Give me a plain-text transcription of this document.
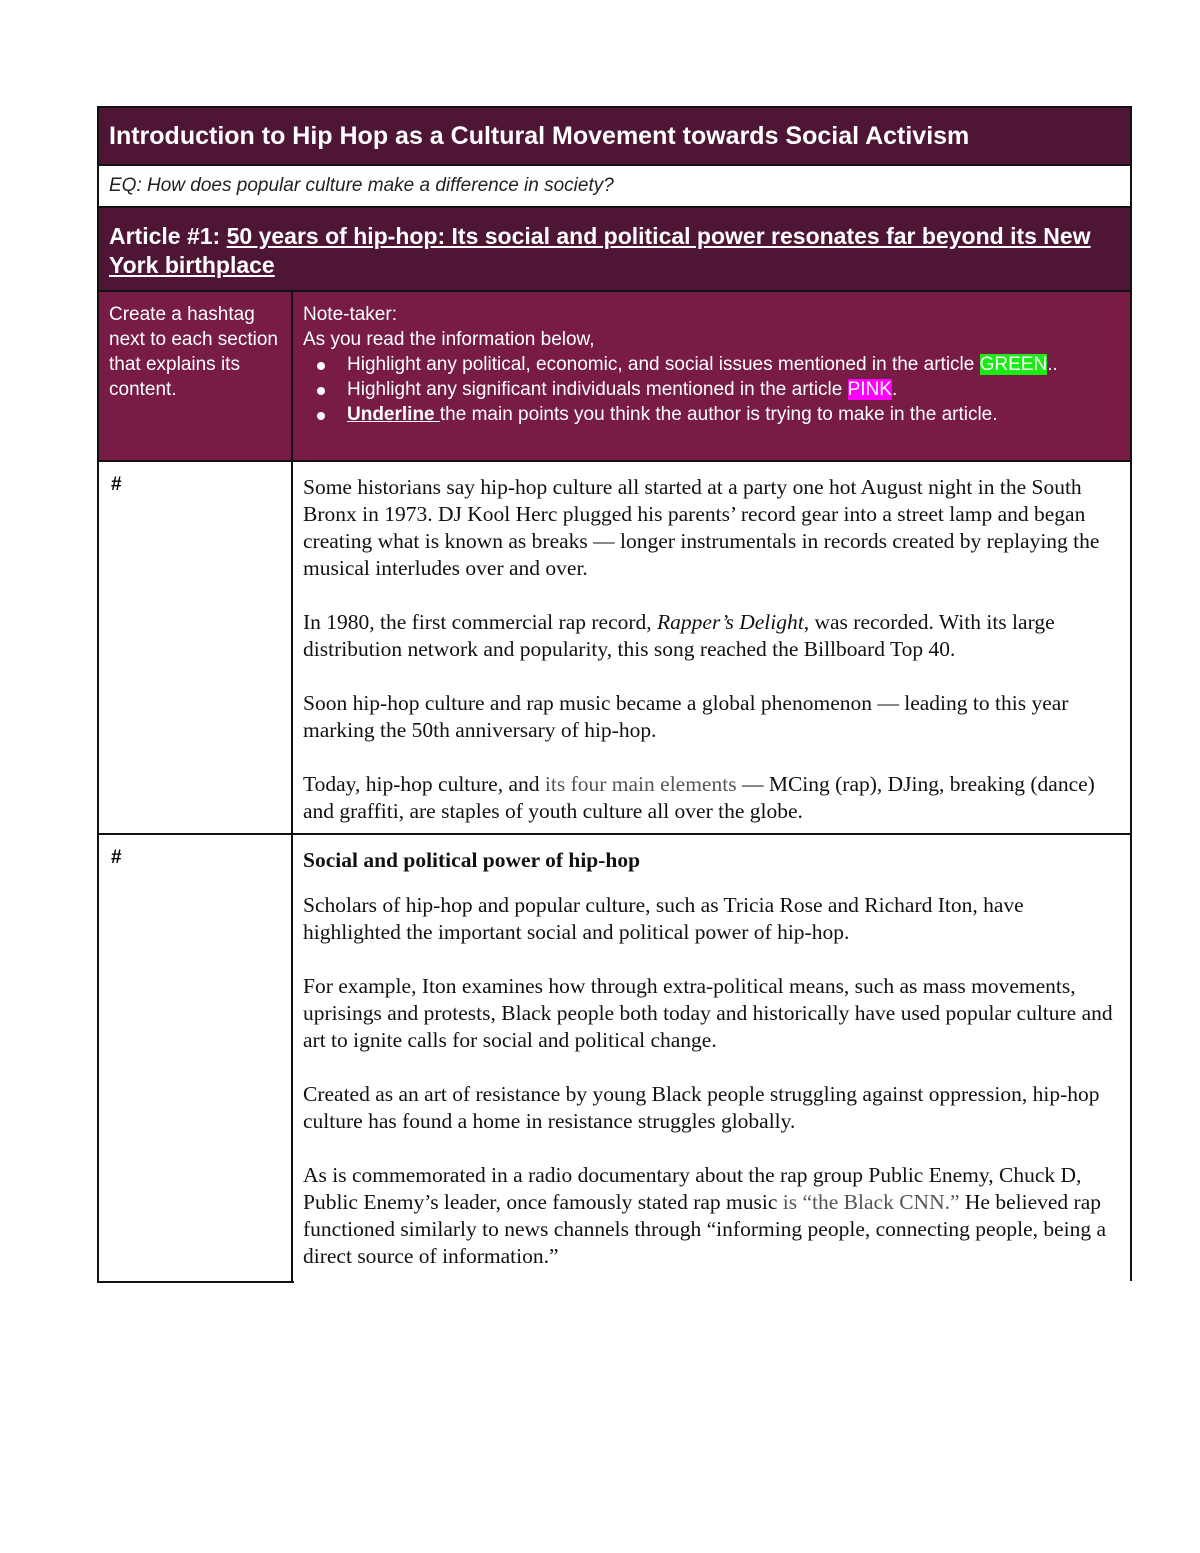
Introduction to Hip Hop as a Cultural Movement towards Social Activism
EQ: How does popular culture make a difference in society?
Article #1: 50 years of hip-hop: Its social and political power resonates far beyond its New York birthplace
Create a hashtag next to each section that explains its content.
Note-taker:
As you read the information below,
Highlight any political, economic, and social issues mentioned in the article GREEN..
Highlight any significant individuals mentioned in the article PINK.
Underline the main points you think the author is trying to make in the article.
#	Some historians say hip-hop culture all started at a party one hot August night in the South Bronx in 1973. DJ Kool Herc plugged his parents’ record gear into a street lamp and began creating what is known as breaks — longer instrumentals in records created by replaying the musical interludes over and over.

In 1980, the first commercial rap record, Rapper’s Delight, was recorded. With its large distribution network and popularity, this song reached the Billboard Top 40.

Soon hip-hop culture and rap music became a global phenomenon — leading to this year marking the 50th anniversary of hip-hop.

Today, hip-hop culture, and its four main elements — MCing (rap), DJing, breaking (dance) and graffiti, are staples of youth culture all over the globe.

#	Social and political power of hip-hop

Scholars of hip-hop and popular culture, such as Tricia Rose and Richard Iton, have highlighted the important social and political power of hip-hop.

For example, Iton examines how through extra-political means, such as mass movements, uprisings and protests, Black people both today and historically have used popular culture and art to ignite calls for social and political change.

Created as an art of resistance by young Black people struggling against oppression, hip-hop culture has found a home in resistance struggles globally.

As is commemorated in a radio documentary about the rap group Public Enemy, Chuck D, Public Enemy’s leader, once famously stated rap music is “the Black CNN.” He believed rap functioned similarly to news channels through “informing people, connecting people, being a direct source of information.”
